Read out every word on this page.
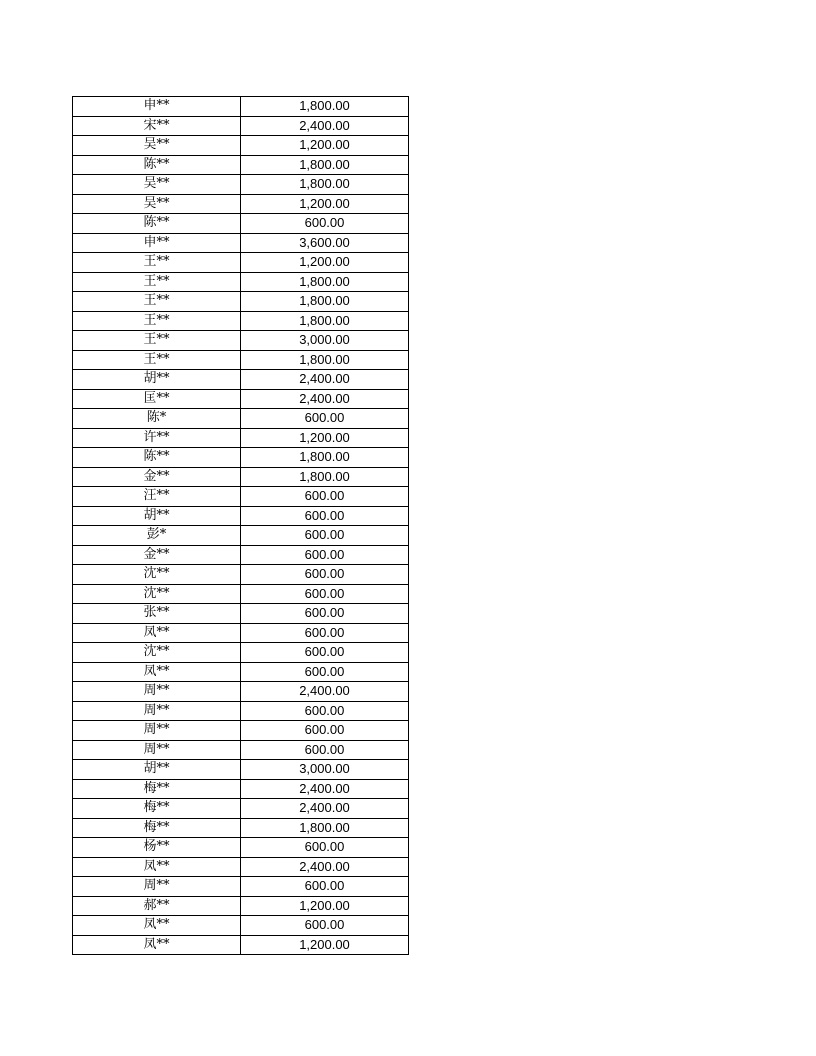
申**	1,800.00
宋**	2,400.00
吴**	1,200.00
陈**	1,800.00
吴**	1,800.00
吴**	1,200.00
陈**	600.00
申**	3,600.00
王**	1,200.00
王**	1,800.00
王**	1,800.00
王**	1,800.00
王**	3,000.00
王**	1,800.00
胡**	2,400.00
匡**	2,400.00
陈*	600.00
许**	1,200.00
陈**	1,800.00
金**	1,800.00
汪**	600.00
胡**	600.00
彭*	600.00
金**	600.00
沈**	600.00
沈**	600.00
张**	600.00
凤**	600.00
沈**	600.00
凤**	600.00
周**	2,400.00
周**	600.00
周**	600.00
周**	600.00
胡**	3,000.00
梅**	2,400.00
梅**	2,400.00
梅**	1,800.00
杨**	600.00
凤**	2,400.00
周**	600.00
郝**	1,200.00
凤**	600.00
凤**	1,200.00
